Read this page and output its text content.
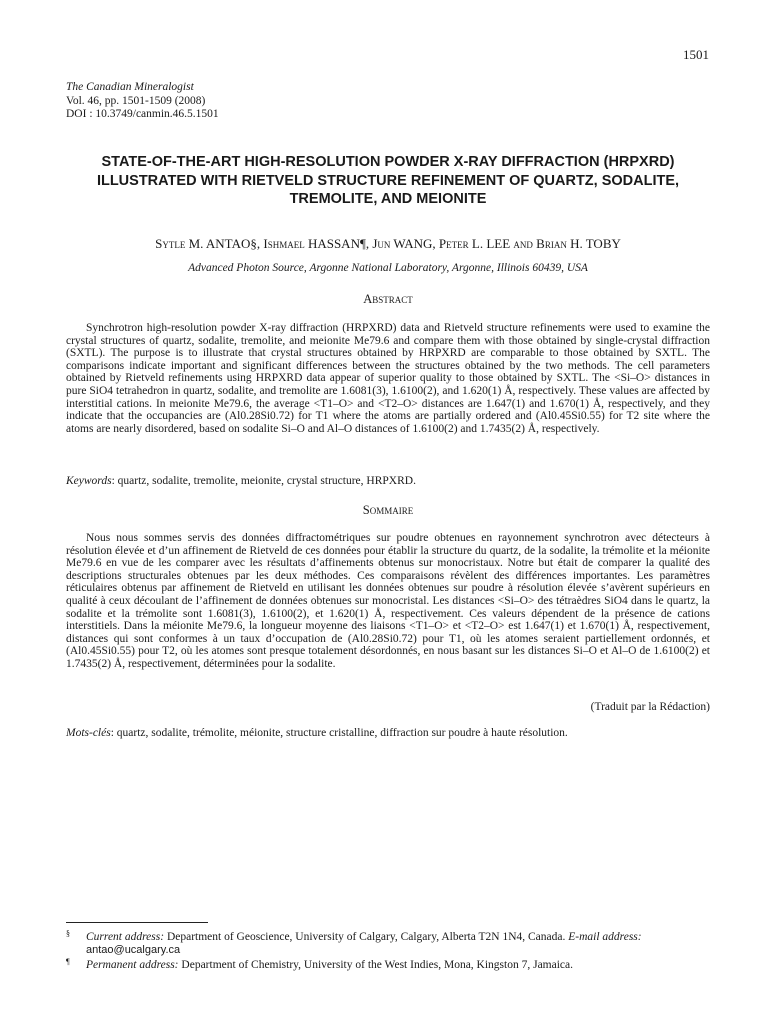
1501
The Canadian Mineralogist
Vol. 46, pp. 1501-1509 (2008)
DOI : 10.3749/canmin.46.5.1501
STATE-OF-THE-ART HIGH-RESOLUTION POWDER X-RAY DIFFRACTION (HRPXRD) ILLUSTRATED WITH RIETVELD STRUCTURE REFINEMENT OF QUARTZ, SODALITE, TREMOLITE, AND MEIONITE
Sytle M. ANTAO§, Ishmael HASSAN¶, Jun WANG, Peter L. LEE and Brian H. TOBY
Advanced Photon Source, Argonne National Laboratory, Argonne, Illinois 60439, USA
Abstract

Synchrotron high-resolution powder X-ray diffraction (HRPXRD) data and Rietveld structure refinements were used to examine the crystal structures of quartz, sodalite, tremolite, and meionite Me79.6 and compare them with those obtained by single-crystal diffraction (SXTL). The purpose is to illustrate that crystal structures obtained by HRPXRD are comparable to those obtained by SXTL. The comparisons indicate important and significant differences between the structures obtained by the two methods. The cell parameters obtained by Rietveld refinements using HRPXRD data appear of superior quality to those obtained by SXTL. The <Si–O> distances in pure SiO4 tetrahedron in quartz, sodalite, and tremolite are 1.6081(3), 1.6100(2), and 1.620(1) Å, respectively. These values are affected by interstitial cations. In meionite Me79.6, the average <T1–O> and <T2–O> distances are 1.647(1) and 1.670(1) Å, respectively, and they indicate that the occupancies are (Al0.28Si0.72) for T1 where the atoms are partially ordered and (Al0.45Si0.55) for T2 site where the atoms are nearly disordered, based on sodalite Si–O and Al–O distances of 1.6100(2) and 1.7435(2) Å, respectively.

Keywords: quartz, sodalite, tremolite, meionite, crystal structure, HRPXRD.

Sommaire

Nous nous sommes servis des données diffractométriques sur poudre obtenues en rayonnement synchrotron avec détecteurs à résolution élevée et d’un affinement de Rietveld de ces données pour établir la structure du quartz, de la sodalite, la trémolite et la méionite Me79.6 en vue de les comparer avec les résultats d’affinements obtenus sur monocristaux. Notre but était de comparer la qualité des descriptions structurales obtenues par les deux méthodes. Ces comparaisons révèlent des différences importantes. Les paramètres réticulaires obtenus par affinement de Rietveld en utilisant les données obtenues sur poudre à résolution élevée s’avèrent supérieurs en qualité à ceux découlant de l’affinement de données obtenues sur monocristal. Les distances <Si–O> des tétraèdres SiO4 dans le quartz, la sodalite et la trémolite sont 1.6081(3), 1.6100(2), et 1.620(1) Å, respectivement. Ces valeurs dépendent de la présence de cations interstitiels. Dans la méionite Me79.6, la longueur moyenne des liaisons <T1–O> et <T2–O> est 1.647(1) et 1.670(1) Å, respectivement, distances qui sont conformes à un taux d’occupation de (Al0.28Si0.72) pour T1, où les atomes seraient partiellement ordonnés, et (Al0.45Si0.55) pour T2, où les atomes sont presque totalement désordonnés, en nous basant sur les distances Si–O et Al–O de 1.6100(2) et 1.7435(2) Å, respectivement, déterminées pour la sodalite.

(Traduit par la Rédaction)

Mots-clés: quartz, sodalite, trémolite, méionite, structure cristalline, diffraction sur poudre à haute résolution.

§	Current address: Department of Geoscience, University of Calgary, Calgary, Alberta T2N 1N4, Canada. E-mail address: antao@ucalgary.ca

¶	Permanent address: Department of Chemistry, University of the West Indies, Mona, Kingston 7, Jamaica.
